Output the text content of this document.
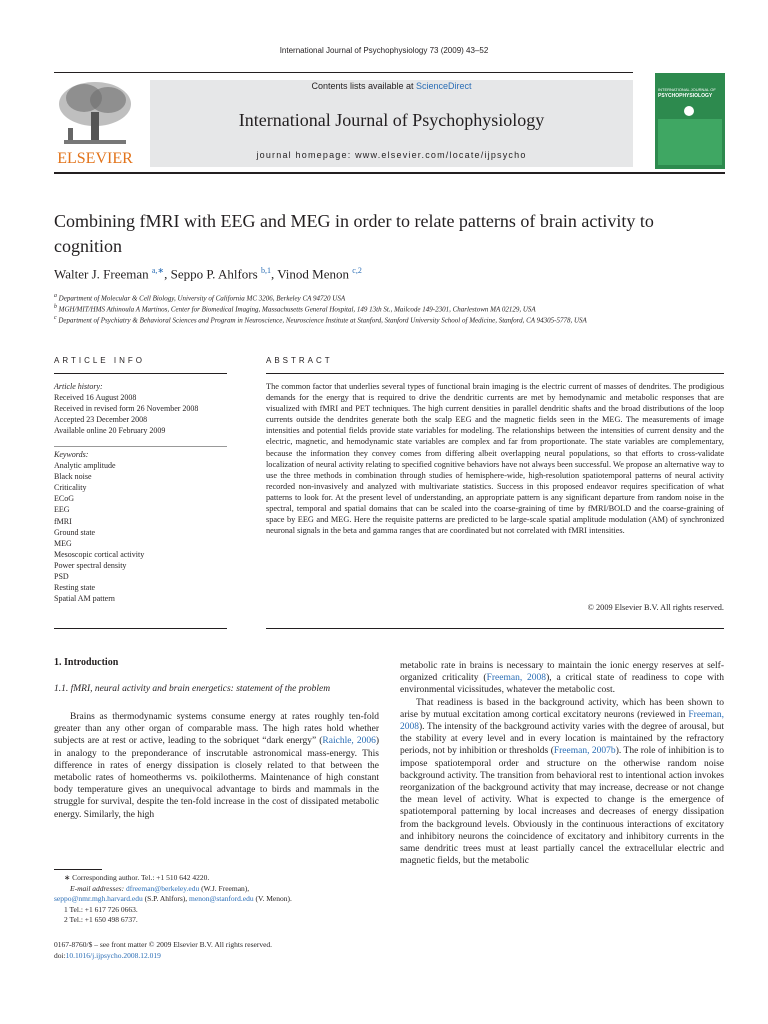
International Journal of Psychophysiology 73 (2009) 43–52
ELSEVIER
Contents lists available at ScienceDirect
International Journal of Psychophysiology
journal homepage: www.elsevier.com/locate/ijpsycho
INTERNATIONAL JOURNAL OF
PSYCHOPHYSIOLOGY
Combining fMRI with EEG and MEG in order to relate patterns of brain activity to cognition
Walter J. Freeman $^{a,∗}$, Seppo P. Ahlfors $^{b,1}$, Vinod Menon $^{c,2}$
$^a$ Department of Molecular & Cell Biology, University of California MC 3206, Berkeley CA 94720 USA
$^b$ MGH/MIT/HMS Athinoula A Martinos, Center for Biomedical Imaging, Massachusetts General Hospital, 149 13th St., Mailcode 149-2301, Charlestown MA 02129, USA
$^c$ Department of Psychiatry & Behavioral Sciences and Program in Neuroscience, Neuroscience Institute at Stanford, Stanford University School of Medicine, Stanford, CA 94305-5778, USA
ARTICLE INFO
Article history:
Received 16 August 2008
Received in revised form 26 November 2008
Accepted 23 December 2008
Available online 20 February 2009
Keywords:
Analytic amplitude
Black noise
Criticality
ECoG
EEG
fMRI
Ground state
MEG
Mesoscopic cortical activity
Power spectral density
PSD
Resting state
Spatial AM pattern
ABSTRACT
The common factor that underlies several types of functional brain imaging is the electric current of masses of dendrites. The prodigious demands for the energy that is required to drive the dendritic currents are met by hemodynamic and metabolic responses that are visualized with fMRI and PET techniques. The high current densities in parallel dendritic shafts and the broad distributions of the loop currents outside the dendrites generate both the scalp EEG and the magnetic fields seen in the MEG. The measurements of image intensities and potential fields provide state variables for modeling. The relationships between the intensities of current density and the electric, magnetic, and hemodynamic state variables are complex and far from proportionate. The state variables are complementary, because the information they convey comes from differing albeit overlapping neural populations, so that efforts to cross-validate localization of neural activity relating to specified cognitive behaviors have not always been successful. We propose an alternative way to use the three methods in combination through studies of hemisphere-wide, high-resolution spatiotemporal patterns of neural activity recorded non-invasively and analyzed with multivariate statistics. Success in this proposed endeavor requires specification of what patterns to look for. At the present level of understanding, an appropriate pattern is any significant departure from random noise in the spectral, temporal and spatial domains that can be scaled into the coarse-graining of time by fMRI/BOLD and the coarse-graining of space by EEG and MEG. Here the requisite patterns are predicted to be large-scale spatial amplitude modulation (AM) of synchronized neuronal signals in the beta and gamma ranges that are coordinated but not correlated with fMRI intensities.
© 2009 Elsevier B.V. All rights reserved.
1. Introduction
1.1. fMRI, neural activity and brain energetics: statement of the problem

Brains as thermodynamic systems consume energy at rates roughly ten-fold greater than any other organ of comparable mass. The high rates hold whether subjects are at rest or active, leading to the sobriquet “dark energy” (Raichle, 2006) in analogy to the preponderance of inscrutable astronomical mass-energy. This difference in rates of energy dissipation is closely related to that between the metabolic rates of homeotherms vs. poikilotherms. Maintenance of high constant body temperature gives an unequivocal advantage to birds and mammals in the struggle for survival, despite the ten-fold increase in the cost of dissipated metabolic energy. Similarly, the high

metabolic rate in brains is necessary to maintain the ionic energy reserves at self-organized criticality (Freeman, 2008), a critical state of readiness to cope with environmental vicissitudes, whatever the metabolic cost.

That readiness is based in the background activity, which has been shown to arise by mutual excitation among cortical excitatory neurons (reviewed in Freeman, 2008). The intensity of the background activity varies with the degree of arousal, but the stability at every level and in every location is maintained by the refractory periods, not by inhibition or thresholds (Freeman, 2007b). The role of inhibition is to impose spatiotemporal order and structure on the otherwise random noise background activity. The transition from behavioral rest to intentional action invokes reorganization of the background activity that may increase, decrease or not change the mean level of activity. What is expected to change is the emergence of spatiotemporal patterning by local increases and decreases of energy dissipation from the background levels. Obviously in the continuous interactions of excitatory and inhibitory neurons the coincidence of excitatory and inhibitory currents in the same dendritic trees must at least partially cancel the extracellular electric and magnetic fields, but the metabolic

∗ Corresponding author. Tel.: +1 510 642 4220.
E-mail addresses: dfreeman@berkeley.edu (W.J. Freeman),
seppo@nmr.mgh.harvard.edu (S.P. Ahlfors), menon@stanford.edu (V. Menon).
1 Tel.: +1 617 726 0663.
2 Tel.: +1 650 498 6737.
0167-8760/$ – see front matter © 2009 Elsevier B.V. All rights reserved.
doi:10.1016/j.ijpsycho.2008.12.019
